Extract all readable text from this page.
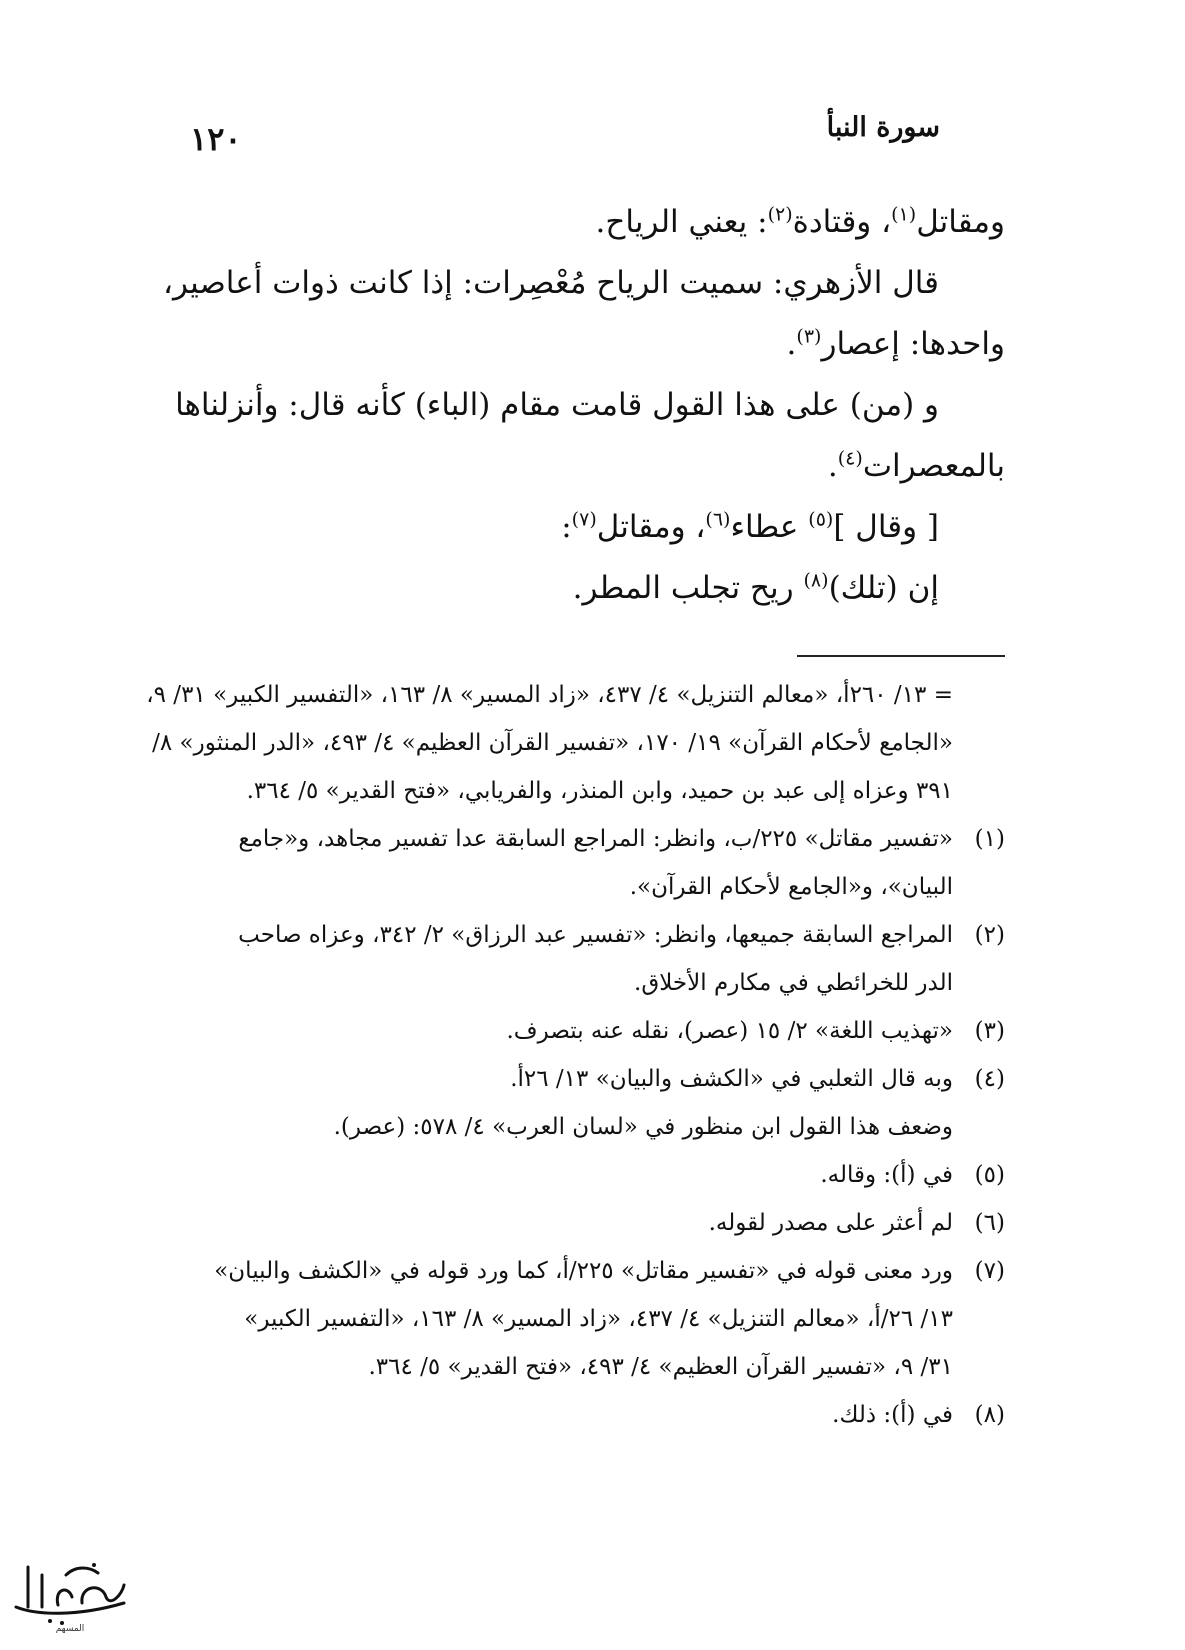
سورة النبأ
١٢٠

ومقاتل$^{(١)}$، وقتادة$^{(٢)}$: يعني الرياح.

قال الأزهري: سميت الرياح مُعْصِرات: إذا كانت ذوات أعاصير،

واحدها: إعصار$^{(٣)}$.

و (من) على هذا القول قامت مقام (الباء) كأنه قال: وأنزلناها

بالمعصرات$^{(٤)}$.

[ وقال ]$^{(٥)}$ عطاء$^{(٦)}$، ومقاتل$^{(٧)}$:

إن (تلك)$^{(٨)}$ ريح تجلب المطر.

= ١٣/ ٢٦٠أ، «معالم التنزيل» ٤/ ٤٣٧، «زاد المسير» ٨/ ١٦٣، «التفسير الكبير» ٣١/ ٩، «الجامع لأحكام القرآن» ١٩/ ١٧٠، «تفسير القرآن العظيم» ٤/ ٤٩٣، «الدر المنثور» ٨/ ٣٩١ وعزاه إلى عبد بن حميد، وابن المنذر، والفريابي، «فتح القدير» ٥/ ٣٦٤.
(١)
«تفسير مقاتل» ٢٢٥/ب، وانظر: المراجع السابقة عدا تفسير مجاهد، و«جامع
البيان»، و«الجامع لأحكام القرآن».
(٢)
المراجع السابقة جميعها، وانظر: «تفسير عبد الرزاق» ٢/ ٣٤٢، وعزاه صاحب
الدر للخرائطي في مكارم الأخلاق.
(٣)
«تهذيب اللغة» ٢/ ١٥ (عصر)، نقله عنه بتصرف.
(٤)
وبه قال الثعلبي في «الكشف والبيان» ١٣/ ٢٦أ.
وضعف هذا القول ابن منظور في «لسان العرب» ٤/ ٥٧٨: (عصر).
(٥)
في (أ): وقاله.
(٦)
لم أعثر على مصدر لقوله.
(٧)
ورد معنى قوله في «تفسير مقاتل» ٢٢٥/أ، كما ورد قوله في «الكشف والبيان»
١٣/ ٢٦/أ، «معالم التنزيل» ٤/ ٤٣٧، «زاد المسير» ٨/ ١٦٣، «التفسير الكبير»
٣١/ ٩، «تفسير القرآن العظيم» ٤/ ٤٩٣، «فتح القدير» ٥/ ٣٦٤.
(٨)
في (أ): ذلك.
المسهم
